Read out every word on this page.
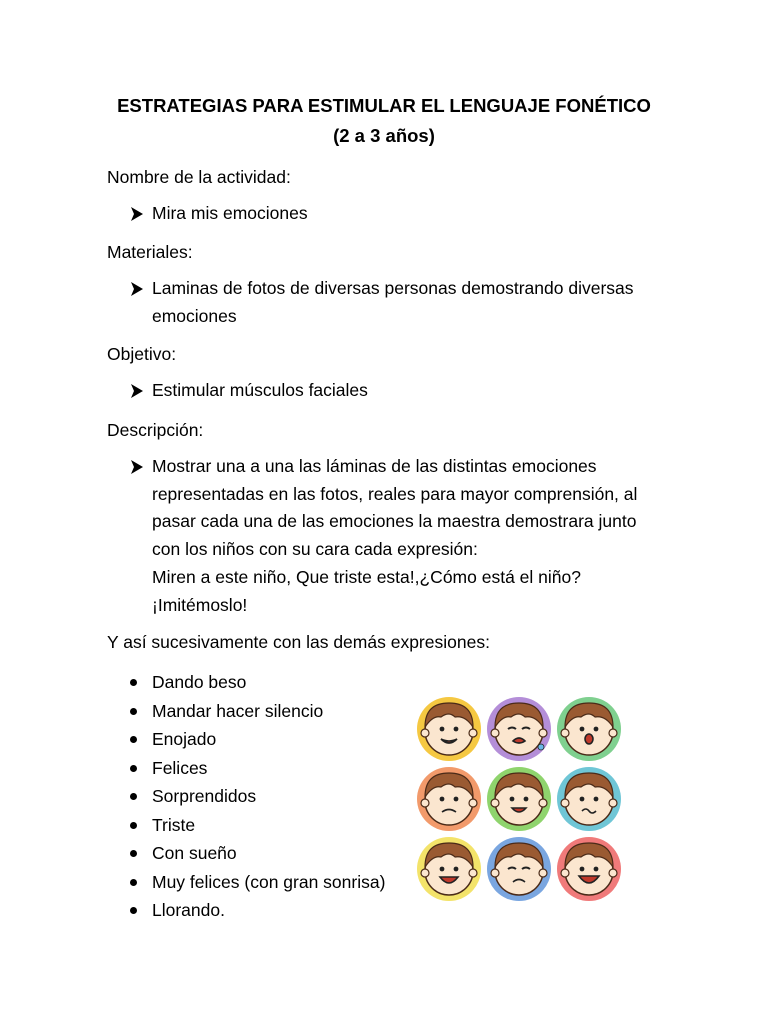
ESTRATEGIAS PARA ESTIMULAR EL LENGUAJE FONÉTICO
(2 a 3 años)
Nombre de la actividad:
Mira mis emociones
Materiales:
Laminas de fotos de diversas personas demostrando diversas
emociones
Objetivo:
Estimular músculos faciales
Descripción:
Mostrar una a una las láminas de las distintas emociones
representadas en las fotos, reales para mayor comprensión, al
pasar cada una de las emociones la maestra demostrara junto
con los niños con su cara cada expresión:
Miren a este niño, Que triste esta!,¿Cómo está el niño?
¡Imitémoslo!
Y así sucesivamente con las demás expresiones:
Dando beso
Mandar hacer silencio
Enojado
Felices
Sorprendidos
Triste
Con sueño
Muy felices (con gran sonrisa)
Llorando.
